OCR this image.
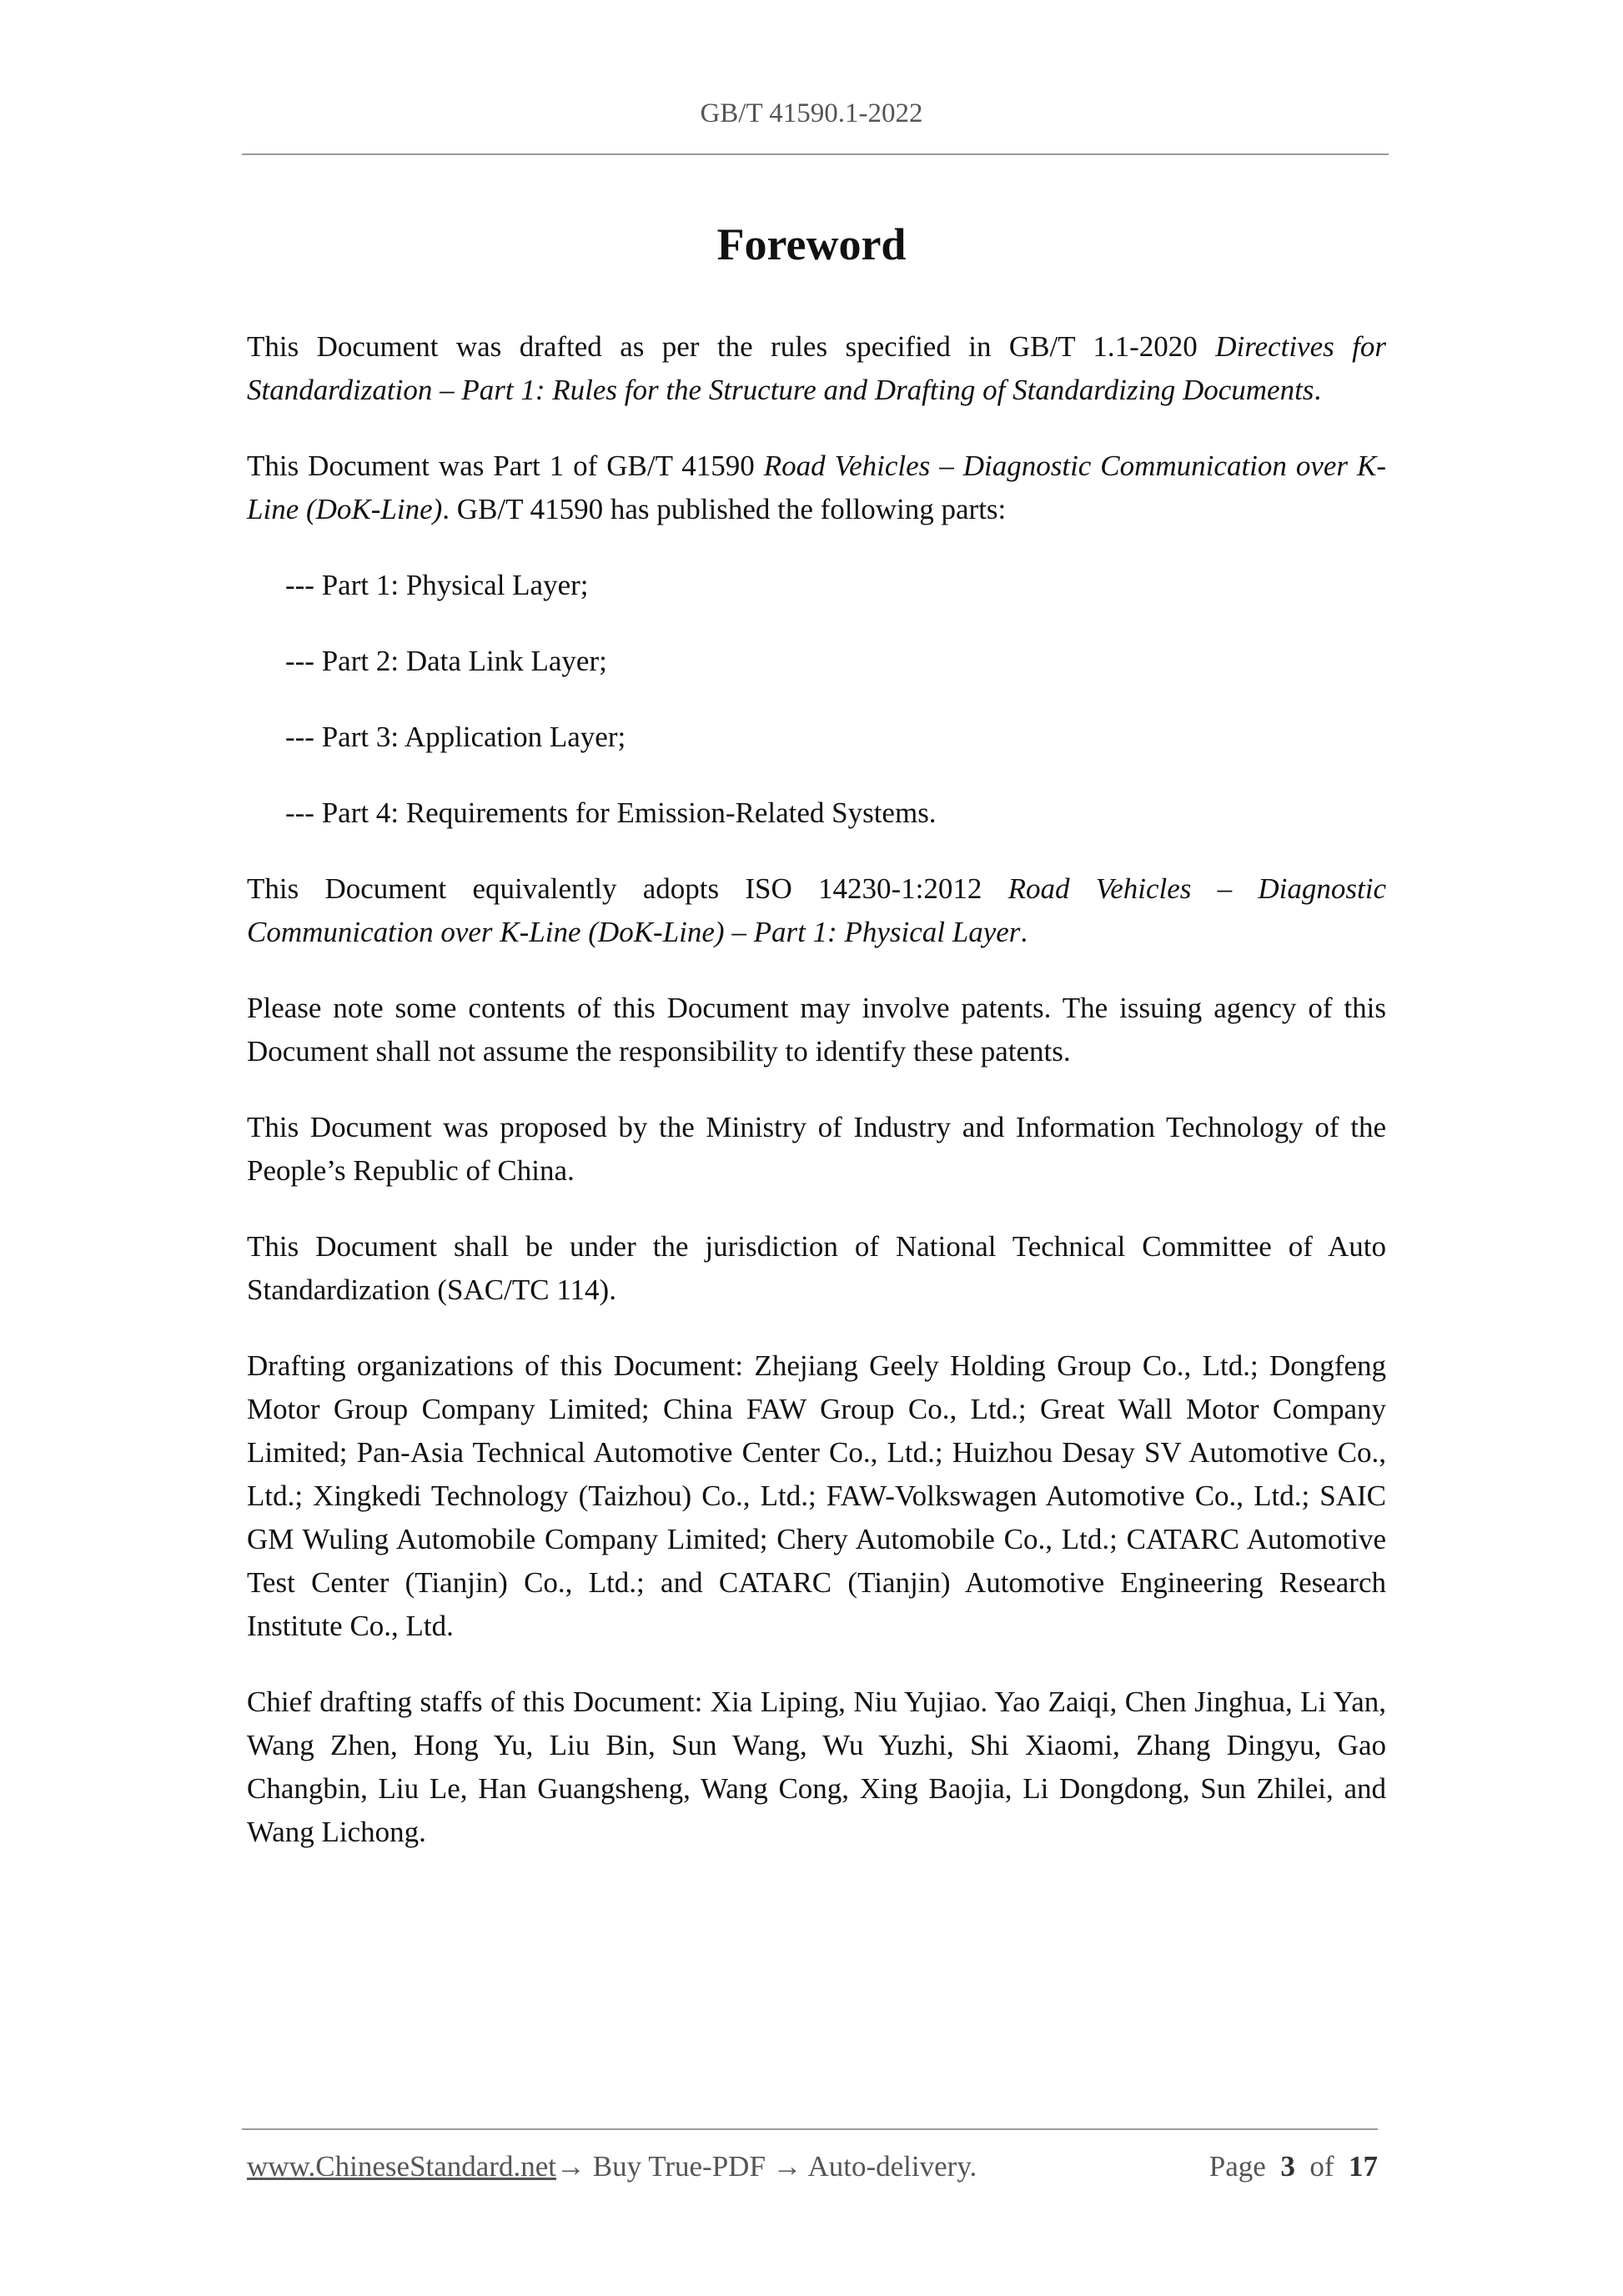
GB/T 41590.1-2022
Foreword

This Document was drafted as per the rules specified in GB/T 1.1-2020 Directives for Standardization – Part 1: Rules for the Structure and Drafting of Standardizing Documents.

This Document was Part 1 of GB/T 41590 Road Vehicles – Diagnostic Communication over K-Line (DoK-Line). GB/T 41590 has published the following parts:

--- Part 1: Physical Layer;
--- Part 2: Data Link Layer;
--- Part 3: Application Layer;
--- Part 4: Requirements for Emission-Related Systems.

This Document equivalently adopts ISO 14230-1:2012 Road Vehicles – Diagnostic Communication over K-Line (DoK-Line) – Part 1: Physical Layer.

Please note some contents of this Document may involve patents. The issuing agency of this Document shall not assume the responsibility to identify these patents.

This Document was proposed by the Ministry of Industry and Information Technology of the People’s Republic of China.

This Document shall be under the jurisdiction of National Technical Committee of Auto Standardization (SAC/TC 114).

Drafting organizations of this Document: Zhejiang Geely Holding Group Co., Ltd.; Dongfeng Motor Group Company Limited; China FAW Group Co., Ltd.; Great Wall Motor Company Limited; Pan-Asia Technical Automotive Center Co., Ltd.; Huizhou Desay SV Automotive Co., Ltd.; Xingkedi Technology (Taizhou) Co., Ltd.; FAW-Volkswagen Automotive Co., Ltd.; SAIC GM Wuling Automobile Company Limited; Chery Automobile Co., Ltd.; CATARC Automotive Test Center (Tianjin) Co., Ltd.; and CATARC (Tianjin) Automotive Engineering Research Institute Co., Ltd.

Chief drafting staffs of this Document: Xia Liping, Niu Yujiao. Yao Zaiqi, Chen Jinghua, Li Yan, Wang Zhen, Hong Yu, Liu Bin, Sun Wang, Wu Yuzhi, Shi Xiaomi, Zhang Dingyu, Gao Changbin, Liu Le, Han Guangsheng, Wang Cong, Xing Baojia, Li Dongdong, Sun Zhilei, and Wang Lichong.

www.ChineseStandard.net→ Buy True-PDF → Auto-delivery.	Page 3 of 17
